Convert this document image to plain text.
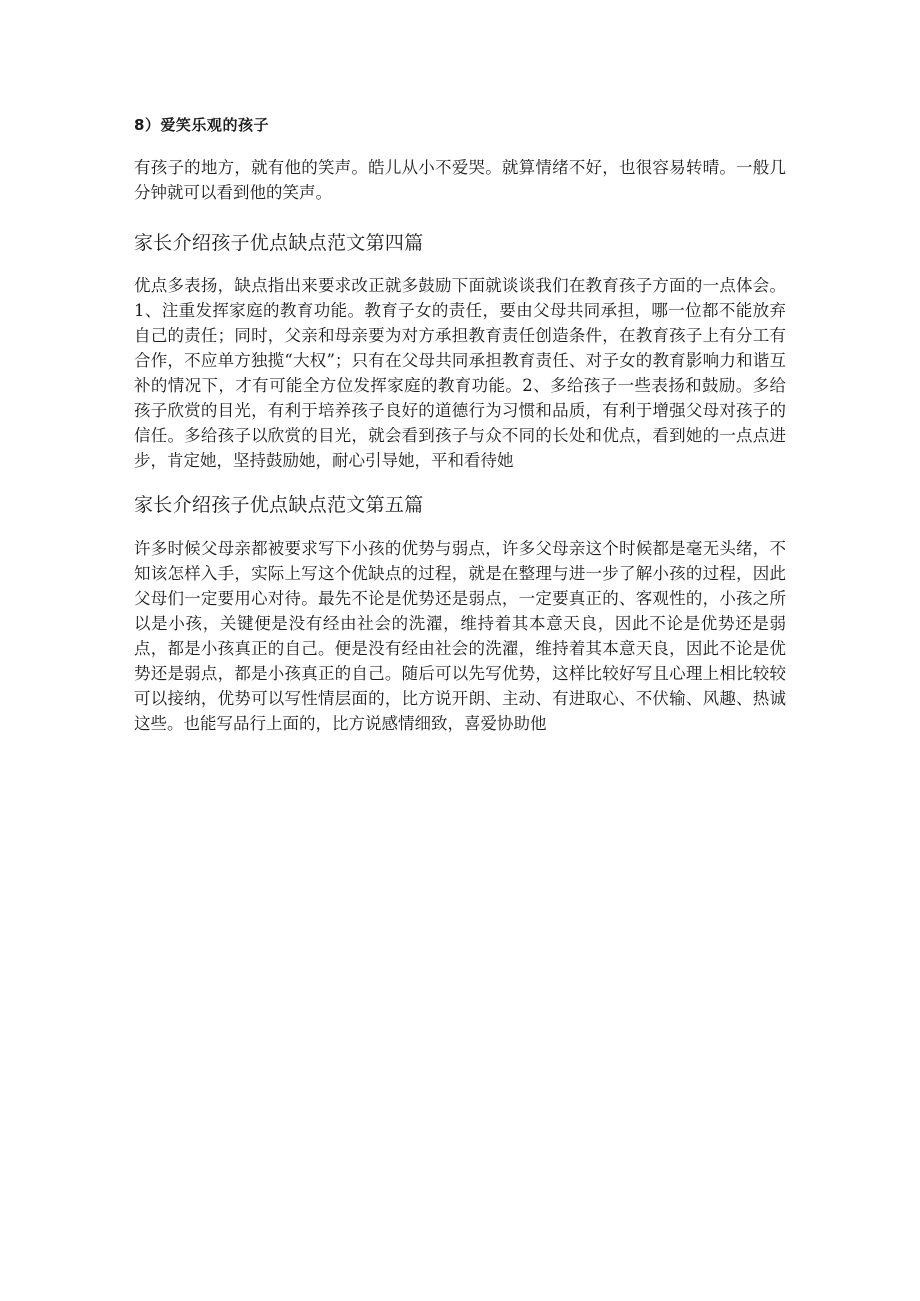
8）爱笑乐观的孩子

有孩子的地方，就有他的笑声。皓儿从小不爱哭。就算情绪不好，也很容易转晴。一般几分钟就可以看到他的笑声。

家长介绍孩子优点缺点范文第四篇

优点多表扬，缺点指出来要求改正就多鼓励下面就谈谈我们在教育孩子方面的一点体会。1、注重发挥家庭的教育功能。教育子女的责任，要由父母共同承担，哪一位都不能放弃自己的责任；同时，父亲和母亲要为对方承担教育责任创造条件，在教育孩子上有分工有合作，不应单方独揽“大权”；只有在父母共同承担教育责任、对子女的教育影响力和谐互补的情况下，才有可能全方位发挥家庭的教育功能。2、多给孩子一些表扬和鼓励。多给孩子欣赏的目光，有利于培养孩子良好的道德行为习惯和品质，有利于增强父母对孩子的信任。多给孩子以欣赏的目光，就会看到孩子与众不同的长处和优点，看到她的一点点进步，肯定她，坚持鼓励她，耐心引导她，平和看待她

家长介绍孩子优点缺点范文第五篇

许多时候父母亲都被要求写下小孩的优势与弱点，许多父母亲这个时候都是毫无头绪，不知该怎样入手，实际上写这个优缺点的过程，就是在整理与进一步了解小孩的过程，因此父母们一定要用心对待。最先不论是优势还是弱点，一定要真正的、客观性的，小孩之所以是小孩，关键便是没有经由社会的洗濯，维持着其本意天良，因此不论是优势还是弱点，都是小孩真正的自己。便是没有经由社会的洗濯，维持着其本意天良，因此不论是优势还是弱点，都是小孩真正的自己。随后可以先写优势，这样比较好写且心理上相比较较可以接纳，优势可以写性情层面的，比方说开朗、主动、有进取心、不伏输、风趣、热诚这些。也能写品行上面的，比方说感情细致，喜爱协助他
